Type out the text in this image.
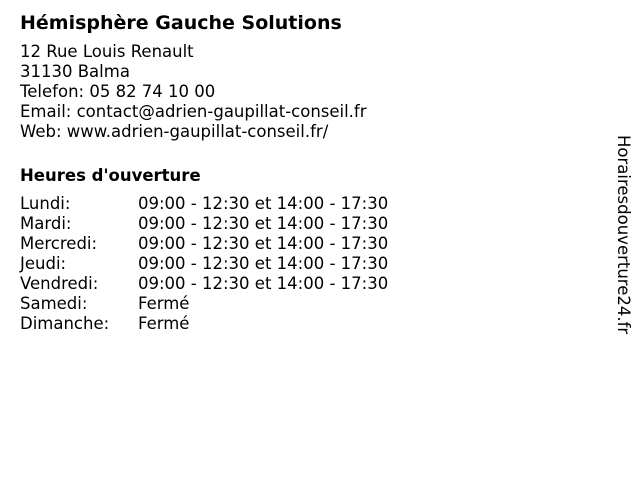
Hémisphère Gauche Solutions
12 Rue Louis Renault
31130 Balma
Telefon: 05 82 74 10 00
Email: contact@adrien-gaupillat-conseil.fr
Web: www.adrien-gaupillat-conseil.fr/
Heures d'ouverture
Lundi:	09:00 - 12:30 et 14:00 - 17:30
Mardi:	09:00 - 12:30 et 14:00 - 17:30
Mercredi:	09:00 - 12:30 et 14:00 - 17:30
Jeudi:	09:00 - 12:30 et 14:00 - 17:30
Vendredi:	09:00 - 12:30 et 14:00 - 17:30
Samedi:	Fermé
Dimanche:	Fermé	Horairesdouverture24.fr
